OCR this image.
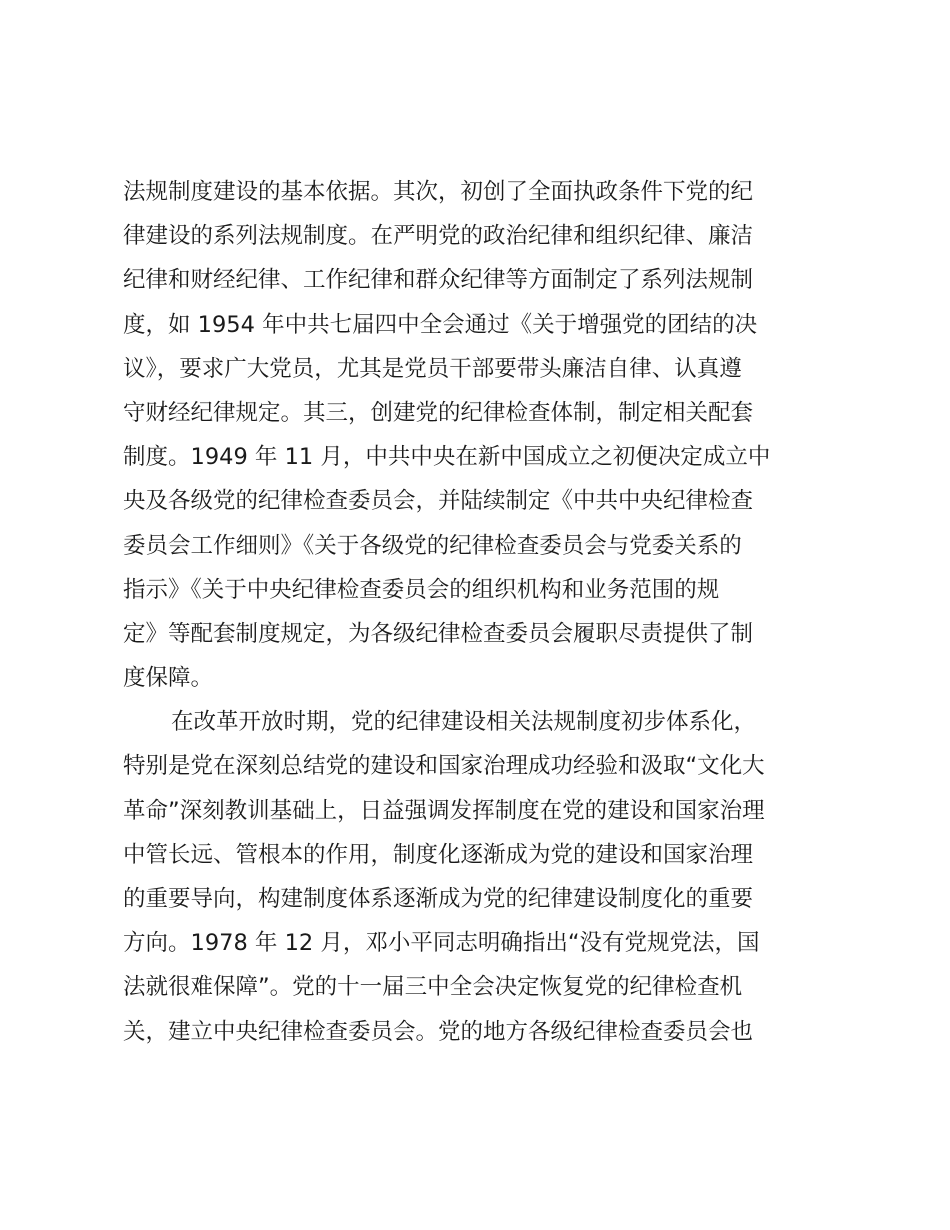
法规制度建设的基本依据。其次，初创了全面执政条件下党的纪
律建设的系列法规制度。在严明党的政治纪律和组织纪律、廉洁
纪律和财经纪律、工作纪律和群众纪律等方面制定了系列法规制
度，如 1954 年中共七届四中全会通过《关于增强党的团结的决
议》，要求广大党员，尤其是党员干部要带头廉洁自律、认真遵
守财经纪律规定。其三，创建党的纪律检查体制，制定相关配套
制度。1949 年 11 月，中共中央在新中国成立之初便决定成立中
央及各级党的纪律检查委员会，并陆续制定《中共中央纪律检查
委员会工作细则》《关于各级党的纪律检查委员会与党委关系的
指示》《关于中央纪律检查委员会的组织机构和业务范围的规
定》等配套制度规定，为各级纪律检查委员会履职尽责提供了制
度保障。
在改革开放时期，党的纪律建设相关法规制度初步体系化，
特别是党在深刻总结党的建设和国家治理成功经验和汲取“文化大
革命”深刻教训基础上，日益强调发挥制度在党的建设和国家治理
中管长远、管根本的作用，制度化逐渐成为党的建设和国家治理
的重要导向，构建制度体系逐渐成为党的纪律建设制度化的重要
方向。1978 年 12 月，邓小平同志明确指出“没有党规党法，国
法就很难保障”。党的十一届三中全会决定恢复党的纪律检查机
关，建立中央纪律检查委员会。党的地方各级纪律检查委员会也
